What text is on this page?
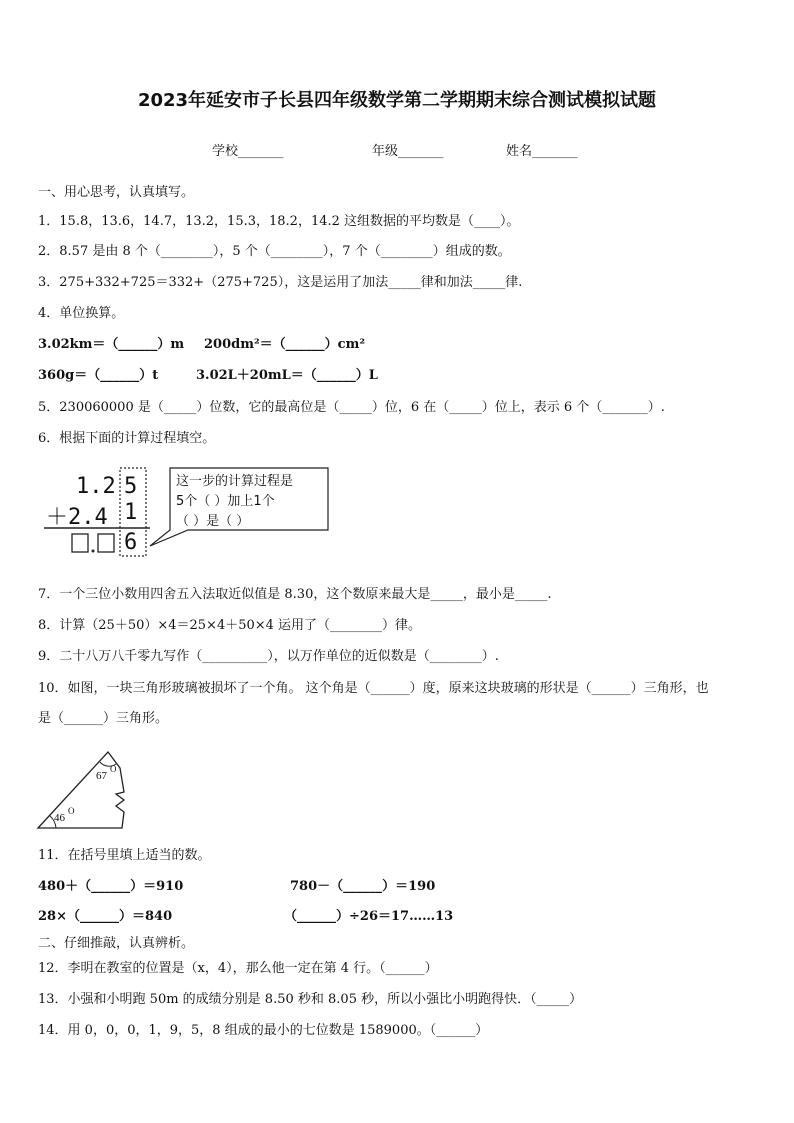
2023年延安市子长县四年级数学第二学期期末综合测试模拟试题
学校_______	年级_______	姓名_______
一、用心思考，认真填写。
1．15.8，13.6，14.7，13.2，15.3，18.2，14.2 这组数据的平均数是（____）。
2．8.57 是由 8 个（________），5 个（________），7 个（________）组成的数。
3．275+332+725＝332+（275+725），这是运用了加法_____律和加法_____律.
4．单位换算。
3.02km＝（______）m 200dm²＝（______）cm²
360g＝（______）t	3.02L＋20mL＝（______）L
5．230060000 是（_____）位数，它的最高位是（_____）位，6 在（_____）位上，表示 6 个（_______）.
6．根据下面的计算过程填空。
1.2 5
＋2.4 1
6
这一步的计算过程是
5个（ ）加上1个
（ ）是（ ）
7．一个三位小数用四舍五入法取近似值是 8.30，这个数原来最大是_____，最小是_____.
8．计算（25＋50）×4＝25×4＋50×4 运用了（________）律。
9．二十八万八千零九写作（__________），以万作单位的近似数是（________）.
10．如图，一块三角形玻璃被损坏了一个角。 这个角是（______）度，原来这块玻璃的形状是（______）三角形，也
是（______）三角形。
67
O
46
O
11．在括号里填上适当的数。
480＋（______）＝910	780－（______）＝190
28×（______）＝840	（______）÷26＝17……13
二、仔细推敲，认真辨析。
12．李明在教室的位置是（x，4），那么他一定在第 4 行。（______）
13．小强和小明跑 50m 的成绩分别是 8.50 秒和 8.05 秒，所以小强比小明跑得快．（_____）
14．用 0，0，0，1，9，5，8 组成的最小的七位数是 1589000。（______）
